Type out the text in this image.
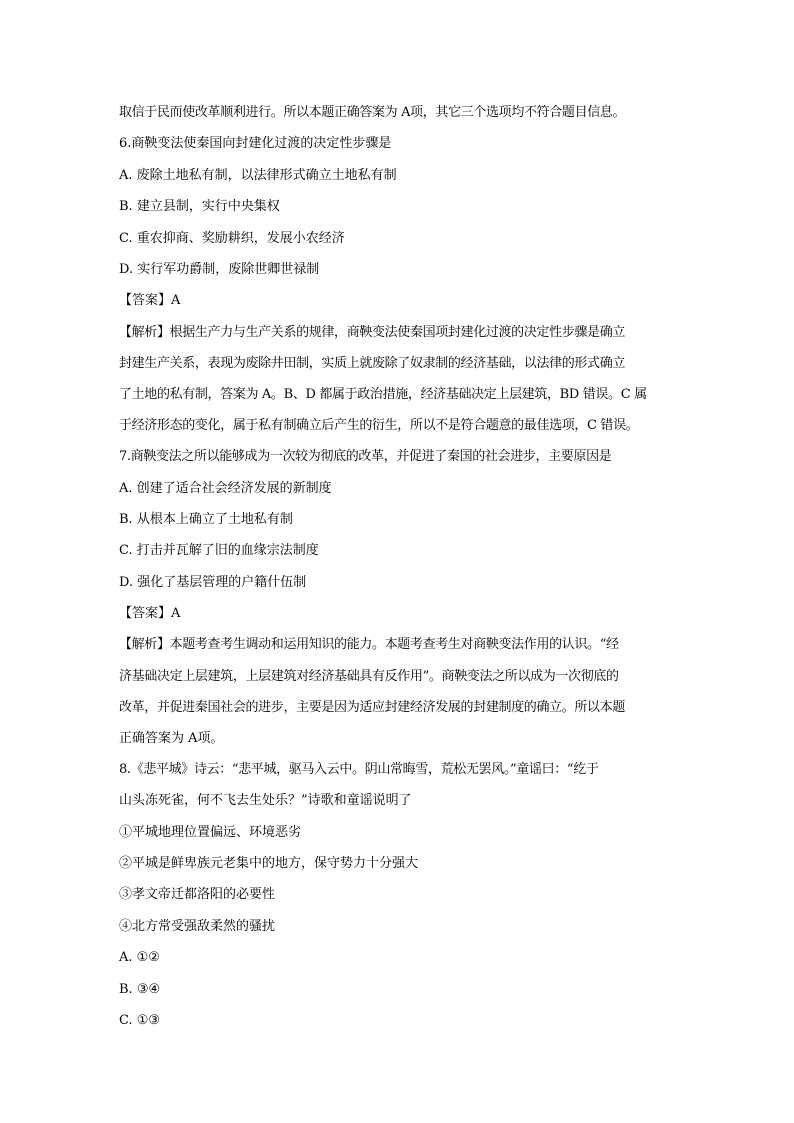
取信于民而使改革顺利进行。所以本题正确答案为 A项，其它三个选项均不符合题目信息。
6.商鞅变法使秦国向封建化过渡的决定性步骤是
A. 废除土地私有制，以法律形式确立土地私有制
B. 建立县制，实行中央集权
C. 重农抑商、奖励耕织，发展小农经济
D. 实行军功爵制，废除世卿世禄制
【答案】A
【解析】根据生产力与生产关系的规律，商鞅变法使秦国项封建化过渡的决定性步骤是确立
封建生产关系，表现为废除井田制，实质上就废除了奴隶制的经济基础，以法律的形式确立
了土地的私有制，答案为 A。B、D 都属于政治措施，经济基础决定上层建筑，BD 错误。C 属
于经济形态的变化，属于私有制确立后产生的衍生，所以不是符合题意的最佳选项，C 错误。
7.商鞅变法之所以能够成为一次较为彻底的改革，并促进了秦国的社会进步，主要原因是
A. 创建了适合社会经济发展的新制度
B. 从根本上确立了土地私有制
C. 打击并瓦解了旧的血缘宗法制度
D. 强化了基层管理的户籍什伍制
【答案】A
【解析】本题考查考生调动和运用知识的能力。本题考查考生对商鞅变法作用的认识。“经
济基础决定上层建筑，上层建筑对经济基础具有反作用”。商鞅变法之所以成为一次彻底的
改革，并促进秦国社会的进步，主要是因为适应封建经济发展的封建制度的确立。所以本题
正确答案为 A项。
8.《悲平城》诗云：“悲平城，驱马入云中。阴山常晦雪，荒松无罢风。”童谣曰：“纥于
山头冻死雀，何不飞去生处乐？”诗歌和童谣说明了
①平城地理位置偏远、环境恶劣
②平城是鲜卑族元老集中的地方，保守势力十分强大
③孝文帝迁都洛阳的必要性
④北方常受强敌柔然的骚扰
A. ①②
B. ③④
C. ①③
